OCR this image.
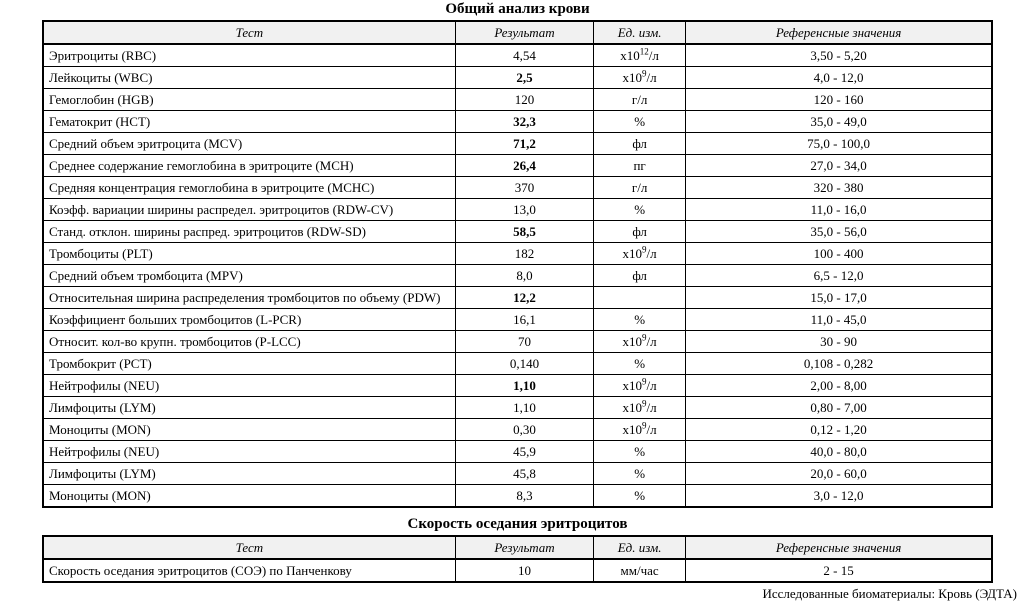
Общий анализ крови
Тест	Результат	Ед. изм.	Референсные значения
Эритроциты (RBC)	4,54	$х10^{12}/л$	3,50 - 5,20
Лейкоциты (WBC)	2,5	$х10^9/л$	4,0 - 12,0
Гемоглобин (HGB)	120	г/л	120 - 160
Гематокрит (HCT)	32,3	%	35,0 - 49,0
Средний объем эритроцита (MCV)	71,2	фл	75,0 - 100,0
Среднее содержание гемоглобина в эритроците (MCH)	26,4	пг	27,0 - 34,0
Средняя концентрация гемоглобина в эритроците (MCHC)	370	г/л	320 - 380
Коэфф. вариации ширины распредел. эритроцитов (RDW-CV)	13,0	%	11,0 - 16,0
Станд. отклон. ширины распред. эритроцитов (RDW-SD)	58,5	фл	35,0 - 56,0
Тромбоциты (PLT)	182	$х10^9/л$	100 - 400
Средний объем тромбоцита (MPV)	8,0	фл	6,5 - 12,0
Относительная ширина распределения тромбоцитов по объему (PDW)	12,2		15,0 - 17,0
Коэффициент больших тромбоцитов (L-PCR)	16,1	%	11,0 - 45,0
Относит. кол-во крупн. тромбоцитов (P-LCC)	70	$х10^9/л$	30 - 90
Тромбокрит (PCT)	0,140	%	0,108 - 0,282
Нейтрофилы (NEU)	1,10	$х10^9/л$	2,00 - 8,00
Лимфоциты (LYM)	1,10	$х10^9/л$	0,80 - 7,00
Моноциты (MON)	0,30	$х10^9/л$	0,12 - 1,20
Нейтрофилы (NEU)	45,9	%	40,0 - 80,0
Лимфоциты (LYM)	45,8	%	20,0 - 60,0
Моноциты (MON)	8,3	%	3,0 - 12,0
Скорость оседания эритроцитов
Тест	Результат	Ед. изм.	Референсные значения
Скорость оседания эритроцитов (СОЭ) по Панченкову	10	мм/час	2 - 15
Исследованные биоматериалы: Кровь (ЭДТА)
